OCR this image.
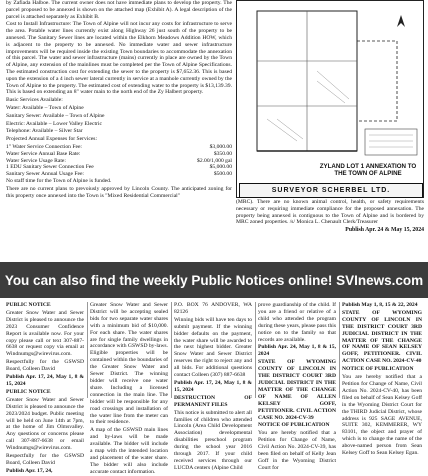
by Zafiada Halboe. The current owner does not have immediate plans to develop the property. The parcel proposed to be annexed is shown on the attached map (Exhibit A). A legal description of the parcel is attached separately as Exhibit B.

Cost to Install Infrastructure: The Town of Alpine will not incur any costs for infrastructure to serve the area. Potable water lines currently exist along Highway 26 just south of the property to be annexed. The Sanitary Sewer lines are located within the Elkhorn Meadows Addition HOW, which is adjacent to the property to be annexed. No immediate water and sewer infrastructure improvements will be required inside the existing Town boundaries to accommodate the annexation of this parcel. The water and sewer infrastructure (mains) currently in place are owned by the Town of Alpine, any extension of the mainlines must be completed per the Town of Alpine Specifications. The estimated construction cost for extending the sewer to the property is $7,652.36. This is based upon the extension of a 4 inch sewer lateral currently in service at a manhole currently owned by the Town of Alpine to the property. The estimated cost of extending water to the property is $13,139.39. This is based on extending an 8" water main to the north end of the Zy Halbert property.

Basic Services Available:

Water: Available – Town of Alpine

Sanitary Sewer: Available – Town of Alpine

Electric: Available – Lower Valley Electric

Telephone: Available – Silver Star

Projected Annual Expenses for Services:

1" Water Service Connection Fee:	$3,000.00
Water Service Annual Base Rate:	$350.00
Water Service Usage Rate:	$2.00/1,000 gal
1 EDU Sanitary Sewer Connection Fee	$5,000.00
Sanitary Sewer Annual Usage Fee:	$500.00

No staff time for the Town of Alpine is funded.

There are no current plans to prevoiusly approved by Lincoln County. The anticipated zoning for this property once annexed into the Town is "Mixed Residential Commercial"

ZYLAND LOT 1 ANNEXATION TO THE TOWN OF ALPINE
SURVEYOR SCHERBEL LTD.

(MRC). There are no known animal control, health, or safety requirements necessary or requiring immediate compliance for the proposed annexation. The property being annexed is contiguous to the Town of Alpine and is bordered by MRC zoned properties. /s/ Monica L. Chenault Clerk/Treasurer

Publish Apr. 24 & May 15, 2024

You can also find the weekly Public Notices online! SVInews.com

PUBLIC NOTICE

Greater Snow Water and Sewer District is pleased to announce the 2023 Consumer Confidence Report is available now. For your copy please call or text 307-887-6638 or request copy via email at Windnumgs@wirevirus.com.

Respectfully for the GSWSD Board, Colleen David

Publish Apr. 17, 24, May 1, 8 & 15, 2024

PUBLIC NOTICE

Greater Snow Water and Sewer District is pleased to announce the 2023/2024 budget. Public meeting will be held on June 14th at 7pm, at the home of Jim Olmsvalley. Any questions or concerns please call 307-887-6638 or email Windnumgs@wirevirus.com.

Respectfully for the GSWSD Board, Colleen David

Publish Apr. 17, 24,

Greater Snow Water and Sewer District will be accepting sealed bids for two separate water shares with a minimum bid of $10,000. For each share. The water shares are for single family dwellings in accordance with GSWSD by-laws. Eligible properties will be contained within the boundaries of the Greater Snow Water and Sewer District. The winning bidder will receive one water share. Including a licensed connection in the main line. The bidder will be responsible for any road crossings and installation of the water line from the meter can to their residence.

A map of the GSWSD main lines and by-laws will be made available. The bidder will include a map with the intended location and placement of the water share. The bidder will also include accurate contact information.

P.O. BOX 76 ANDOVER, WA 82126

Winning bids will have ten days to submit payment. If the winning bidder defaults on the payment, the water share will be awarded to the next highest bidder. Greater Snow Water and Sewer District reserves the right to reject any and all bids. For additional questions contact Colleen (307) 887-6638

Publish Apr. 17, 24, May 1, 8 & 15, 2024

DESTRUCTION OF PERMANENT FILES

This notice is submitted to alert all families of children who attended Lincoln (Area Child Development Association) developmental disabilities preschool program during the school year 2016 through 2017. If your child received services through our LUCDA centers (Alpine Child

prove guardianship of the child. If you are a friend or relative of a child who attended the program during these years, please pass this notice on to the family so that records are available.

Publish Apr. 24, May 1, 8 & 15, 2024

STATE OF WYOMING COUNTY OF LINCOLN IN THE DISTRICT COURT 3RD JUDICIAL DISTRICT IN THE MATTER OF THE CHANGE OF NAME OF ALLEN KELSEY GOFF, PETITIONER. CIVIL ACTION CASE NO. 2024-CV-39

NOTICE OF PUBLICATION

You are hereby notified that a Petition for Change of Name, Civil Action No. 2024-CV-39, has been filed on behalf of Kelly Jean Goff in the Wyoming District Court for

Publish May 1, 8, 15 & 22, 2024

STATE OF WYOMING COUNTY OF LINCOLN IN THE DISTRICT COURT 3RD JUDICIAL DISTRICT IN THE MATTER OF THE CHANGE OF NAME OF SEAN KELSEY GOFF, PETITIONER. CIVIL ACTION CASE NO. 2024-CV-40

NOTICE OF PUBLICATION

You are hereby notified that a Petition for Change of Name, Civil Action No. 2024-CV-40, has been filed on behalf of Sean Kelsey Goff in the Wyoming District Court for the THIRD Judicial District, whose address is 925 SAGE AVENUE, SUITE 302, KEMMERER, WY 83101, the object and prayer of which is to change the name of the above-named person from Sean Kelsey Goff to Sean Kelsey Egan.
